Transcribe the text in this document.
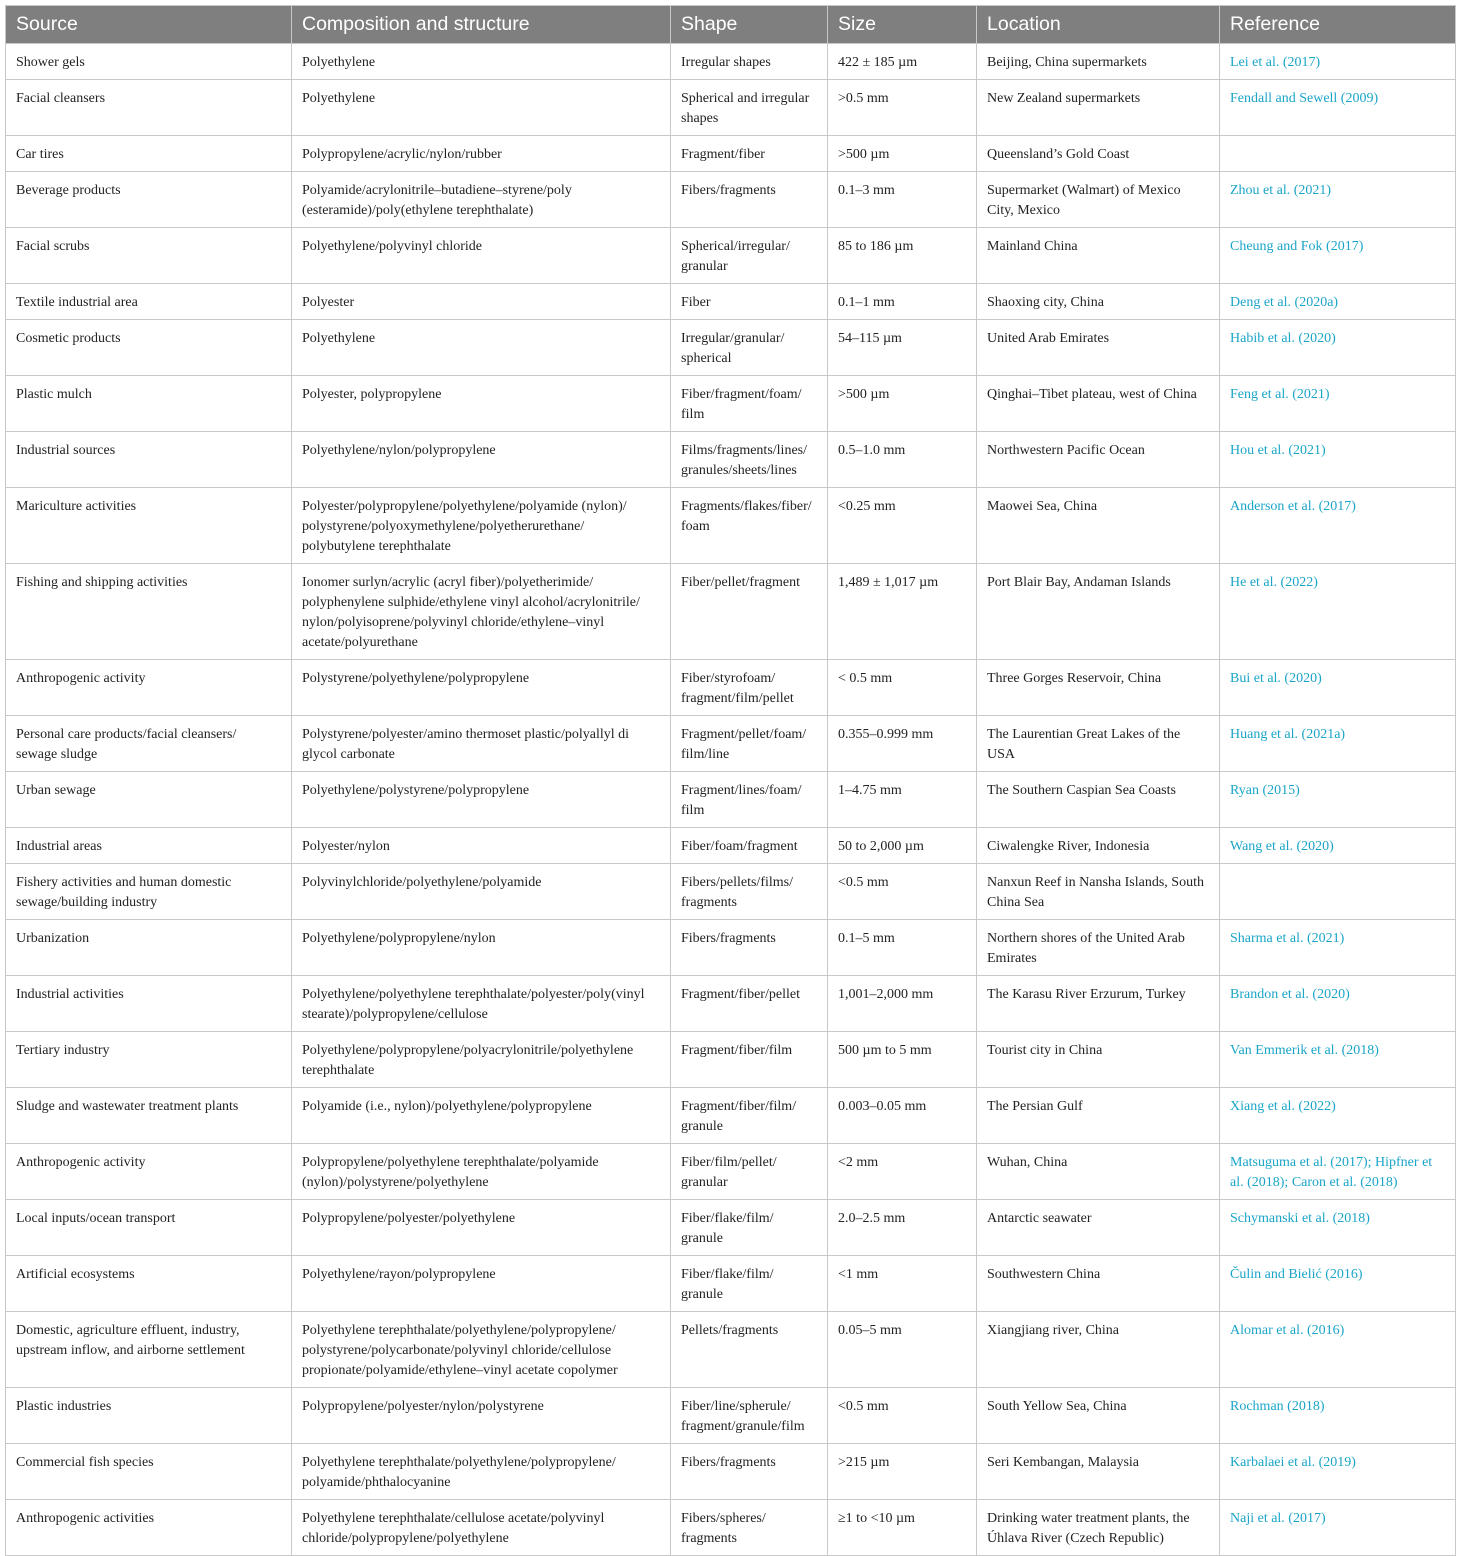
Source	Composition and structure	Shape	Size	Location	Reference
Shower gels	Polyethylene	Irregular shapes	422 ± 185 µm	Beijing, China supermarkets	Lei et al. (2017)
Facial cleansers	Polyethylene	Spherical and irregular shapes	>0.5 mm	New Zealand supermarkets	Fendall and Sewell (2009)
Car tires	Polypropylene/acrylic/nylon/rubber	Fragment/fiber	>500 µm	Queensland’s Gold Coast	
Beverage products	Polyamide/acrylonitrile–butadiene–styrene/poly (esteramide)/poly(ethylene terephthalate)	Fibers/fragments	0.1–3 mm	Supermarket (Walmart) of Mexico City, Mexico	Zhou et al. (2021)
Facial scrubs	Polyethylene/polyvinyl chloride	Spherical/irregular/ granular	85 to 186 µm	Mainland China	Cheung and Fok (2017)
Textile industrial area	Polyester	Fiber	0.1–1 mm	Shaoxing city, China	Deng et al. (2020a)
Cosmetic products	Polyethylene	Irregular/granular/ spherical	54–115 µm	United Arab Emirates	Habib et al. (2020)
Plastic mulch	Polyester, polypropylene	Fiber/fragment/foam/ film	>500 µm	Qinghai–Tibet plateau, west of China	Feng et al. (2021)
Industrial sources	Polyethylene/nylon/polypropylene	Films/fragments/lines/ granules/sheets/lines	0.5–1.0 mm	Northwestern Pacific Ocean	Hou et al. (2021)
Mariculture activities	Polyester/polypropylene/polyethylene/polyamide (nylon)/ polystyrene/polyoxymethylene/polyetherurethane/ polybutylene terephthalate	Fragments/flakes/fiber/ foam	<0.25 mm	Maowei Sea, China	Anderson et al. (2017)
Fishing and shipping activities	Ionomer surlyn/acrylic (acryl fiber)/polyetherimide/ polyphenylene sulphide/ethylene vinyl alcohol/acrylonitrile/ nylon/polyisoprene/polyvinyl chloride/ethylene–vinyl acetate/polyurethane	Fiber/pellet/fragment	1,489 ± 1,017 µm	Port Blair Bay, Andaman Islands	He et al. (2022)
Anthropogenic activity	Polystyrene/polyethylene/polypropylene	Fiber/styrofoam/ fragment/film/pellet	< 0.5 mm	Three Gorges Reservoir, China	Bui et al. (2020)
Personal care products/facial cleansers/ sewage sludge	Polystyrene/polyester/amino thermoset plastic/polyallyl di glycol carbonate	Fragment/pellet/foam/ film/line	0.355–0.999 mm	The Laurentian Great Lakes of the USA	Huang et al. (2021a)
Urban sewage	Polyethylene/polystyrene/polypropylene	Fragment/lines/foam/ film	1–4.75 mm	The Southern Caspian Sea Coasts	Ryan (2015)
Industrial areas	Polyester/nylon	Fiber/foam/fragment	50 to 2,000 µm	Ciwalengke River, Indonesia	Wang et al. (2020)
Fishery activities and human domestic sewage/building industry	Polyvinylchloride/polyethylene/polyamide	Fibers/pellets/films/ fragments	<0.5 mm	Nanxun Reef in Nansha Islands, South China Sea	
Urbanization	Polyethylene/polypropylene/nylon	Fibers/fragments	0.1–5 mm	Northern shores of the United Arab Emirates	Sharma et al. (2021)
Industrial activities	Polyethylene/polyethylene terephthalate/polyester/poly(vinyl stearate)/polypropylene/cellulose	Fragment/fiber/pellet	1,001–2,000 mm	The Karasu River Erzurum, Turkey	Brandon et al. (2020)
Tertiary industry	Polyethylene/polypropylene/polyacrylonitrile/polyethylene terephthalate	Fragment/fiber/film	500 µm to 5 mm	Tourist city in China	Van Emmerik et al. (2018)
Sludge and wastewater treatment plants	Polyamide (i.e., nylon)/polyethylene/polypropylene	Fragment/fiber/film/ granule	0.003–0.05 mm	The Persian Gulf	Xiang et al. (2022)
Anthropogenic activity	Polypropylene/polyethylene terephthalate/polyamide (nylon)/polystyrene/polyethylene	Fiber/film/pellet/ granular	<2 mm	Wuhan, China	Matsuguma et al. (2017); Hipfner et al. (2018); Caron et al. (2018)
Local inputs/ocean transport	Polypropylene/polyester/polyethylene	Fiber/flake/film/ granule	2.0–2.5 mm	Antarctic seawater	Schymanski et al. (2018)
Artificial ecosystems	Polyethylene/rayon/polypropylene	Fiber/flake/film/ granule	<1 mm	Southwestern China	Čulin and Bielić (2016)
Domestic, agriculture effluent, industry, upstream inflow, and airborne settlement	Polyethylene terephthalate/polyethylene/polypropylene/ polystyrene/polycarbonate/polyvinyl chloride/cellulose propionate/polyamide/ethylene–vinyl acetate copolymer	Pellets/fragments	0.05–5 mm	Xiangjiang river, China	Alomar et al. (2016)
Plastic industries	Polypropylene/polyester/nylon/polystyrene	Fiber/line/spherule/ fragment/granule/film	<0.5 mm	South Yellow Sea, China	Rochman (2018)
Commercial fish species	Polyethylene terephthalate/polyethylene/polypropylene/ polyamide/phthalocyanine	Fibers/fragments	>215 µm	Seri Kembangan, Malaysia	Karbalaei et al. (2019)
Anthropogenic activities	Polyethylene terephthalate/cellulose acetate/polyvinyl chloride/polypropylene/polyethylene	Fibers/spheres/ fragments	≥1 to <10 µm	Drinking water treatment plants, the Úhlava River (Czech Republic)	Naji et al. (2017)
